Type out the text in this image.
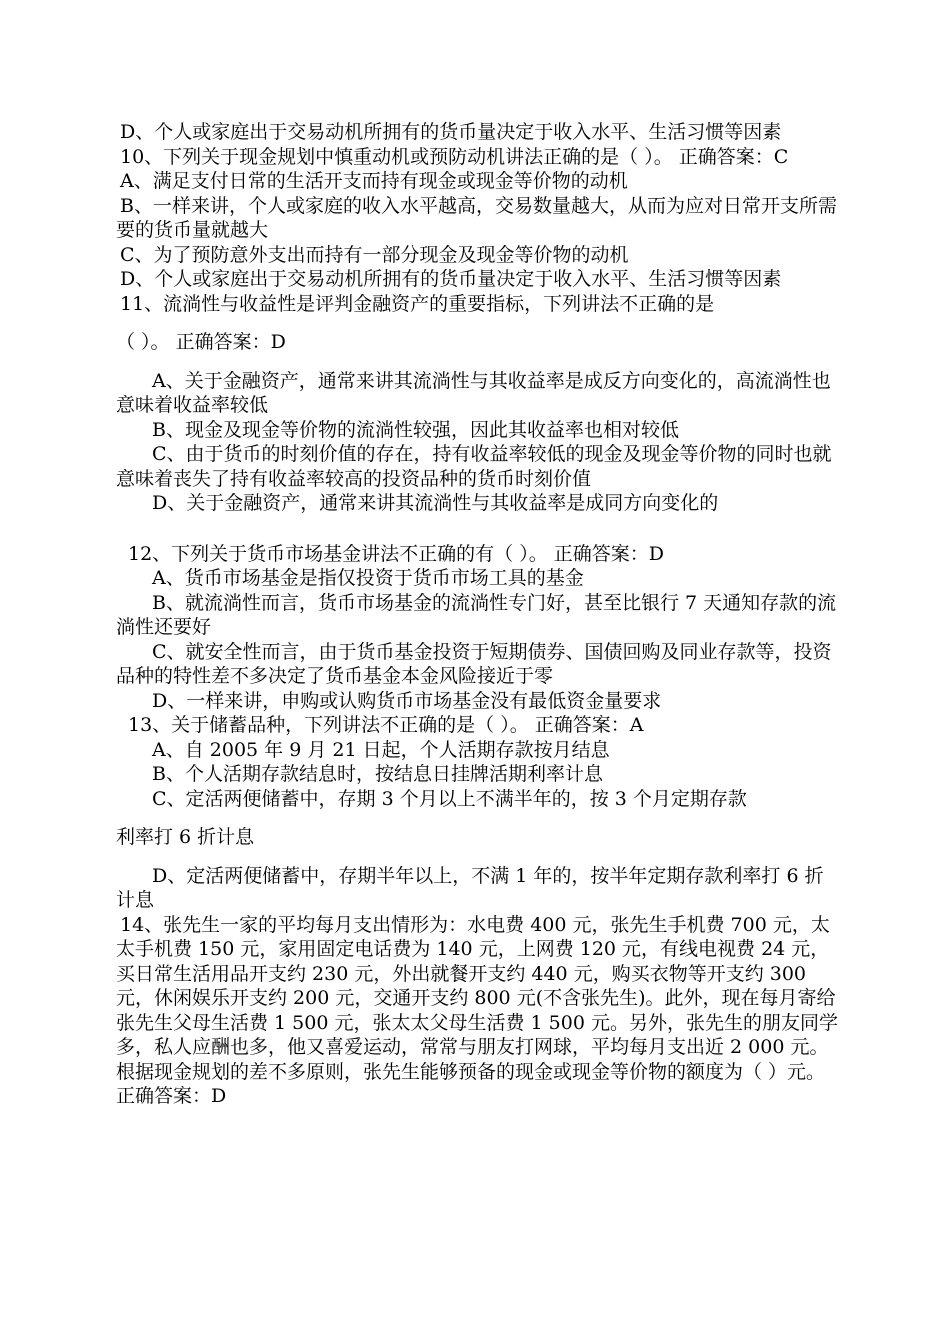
D、个人或家庭出于交易动机所拥有的货币量决定于收入水平、生活习惯等因素

10、下列关于现金规划中慎重动机或预防动机讲法正确的是（ ）。 正确答案：C

A、满足支付日常的生活开支而持有现金或现金等价物的动机

B、一样来讲，个人或家庭的收入水平越高，交易数量越大，从而为应对日常开支所需要的货币量就越大

C、为了预防意外支出而持有一部分现金及现金等价物的动机

D、个人或家庭出于交易动机所拥有的货币量决定于收入水平、生活习惯等因素

11、流淌性与收益性是评判金融资产的重要指标，下列讲法不正确的是

（ ）。 正确答案：D

A、关于金融资产，通常来讲其流淌性与其收益率是成反方向变化的，高流淌性也意味着收益率较低

B、现金及现金等价物的流淌性较强，因此其收益率也相对较低

C、由于货币的时刻价值的存在，持有收益率较低的现金及现金等价物的同时也就意味着丧失了持有收益率较高的投资品种的货币时刻价值

D、关于金融资产，通常来讲其流淌性与其收益率是成同方向变化的

12、下列关于货币市场基金讲法不正确的有（ ）。 正确答案：D

A、货币市场基金是指仅投资于货币市场工具的基金

B、就流淌性而言，货币市场基金的流淌性专门好，甚至比银行 7 天通知存款的流淌性还要好

C、就安全性而言，由于货币基金投资于短期债券、国债回购及同业存款等，投资品种的特性差不多决定了货币基金本金风险接近于零

D、一样来讲，申购或认购货币市场基金没有最低资金量要求

13、关于储蓄品种，下列讲法不正确的是（ ）。 正确答案：A

A、自 2005 年 9 月 21 日起，个人活期存款按月结息

B、个人活期存款结息时，按结息日挂牌活期利率计息

C、定活两便储蓄中，存期 3 个月以上不满半年的，按 3 个月定期存款

利率打 6 折计息

D、定活两便储蓄中，存期半年以上，不满 1 年的，按半年定期存款利率打 6 折计息

14、张先生一家的平均每月支出情形为：水电费 400 元，张先生手机费 700 元，太太手机费 150 元，家用固定电话费为 140 元，上网费 120 元，有线电视费 24 元，买日常生活用品开支约 230 元，外出就餐开支约 440 元，购买衣物等开支约 300 元，休闲娱乐开支约 200 元，交通开支约 800 元(不含张先生)。此外，现在每月寄给张先生父母生活费 1 500 元，张太太父母生活费 1 500 元。另外，张先生的朋友同学多，私人应酬也多，他又喜爱运动，常常与朋友打网球，平均每月支出近 2 000 元。根据现金规划的差不多原则，张先生能够预备的现金或现金等价物的额度为（ ）元。 正确答案：D
